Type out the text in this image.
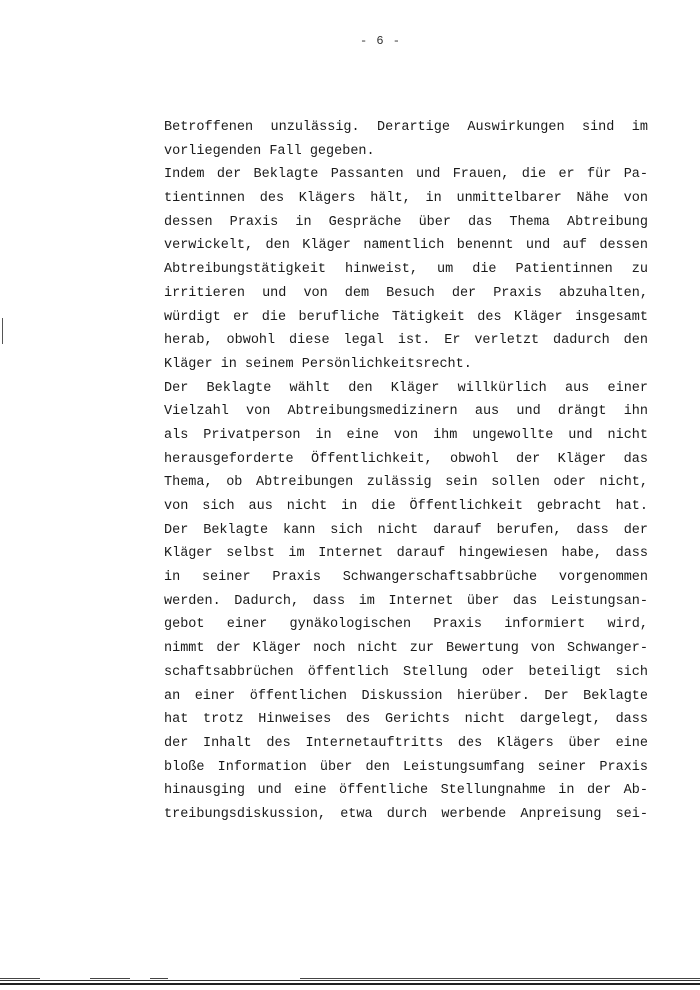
- 6 -
Betroffenen unzulässig. Derartige Auswirkungen sind im
vorliegenden Fall gegeben.
Indem der Beklagte Passanten und Frauen, die er für Pa-
tientinnen des Klägers hält, in unmittelbarer Nähe von
dessen Praxis in Gespräche über das Thema Abtreibung
verwickelt, den Kläger namentlich benennt und auf dessen
Abtreibungstätigkeit hinweist, um die Patientinnen zu
irritieren und von dem Besuch der Praxis abzuhalten,
würdigt er die berufliche Tätigkeit des Kläger insgesamt
herab, obwohl diese legal ist. Er verletzt dadurch den
Kläger in seinem Persönlichkeitsrecht.
Der Beklagte wählt den Kläger willkürlich aus einer
Vielzahl von Abtreibungsmedizinern aus und drängt ihn
als Privatperson in eine von ihm ungewollte und nicht
herausgeforderte Öffentlichkeit, obwohl der Kläger das
Thema, ob Abtreibungen zulässig sein sollen oder nicht,
von sich aus nicht in die Öffentlichkeit gebracht hat.
Der Beklagte kann sich nicht darauf berufen, dass der
Kläger selbst im Internet darauf hingewiesen habe, dass
in seiner Praxis Schwangerschaftsabbrüche vorgenommen
werden. Dadurch, dass im Internet über das Leistungsan-
gebot einer gynäkologischen Praxis informiert wird,
nimmt der Kläger noch nicht zur Bewertung von Schwanger-
schaftsabbrüchen öffentlich Stellung oder beteiligt sich
an einer öffentlichen Diskussion hierüber. Der Beklagte
hat trotz Hinweises des Gerichts nicht dargelegt, dass
der Inhalt des Internetauftritts des Klägers über eine
bloße Information über den Leistungsumfang seiner Praxis
hinausging und eine öffentliche Stellungnahme in der Ab-
treibungsdiskussion, etwa durch werbende Anpreisung sei-
